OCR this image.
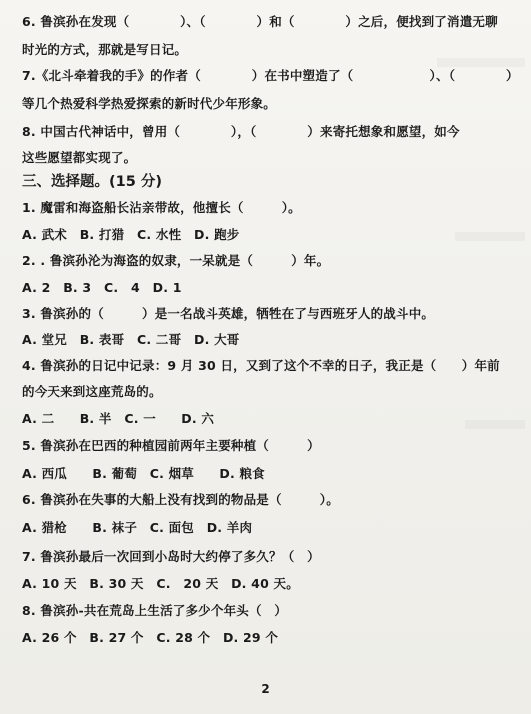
6. 鲁滨孙在发现（　　　　）、（　　　　）和（　　　　）之后，便找到了消遣无聊
时光的方式，那就是写日记。
7.《北斗牵着我的手》的作者（　　　　）在书中塑造了（　　　　　　）、（　　　　）
等几个热爱科学热爱探索的新时代少年形象。
8. 中国古代神话中，曾用（　　　　），（　　　　）来寄托想象和愿望，如今
这些愿望都实现了。
三、选择题。(15 分)
1. 魔雷和海盗船长沾亲带故，他擅长（　　　）。
A. 武术　B. 打猎　C. 水性　D. 跑步
2. . 鲁滨孙沦为海盗的奴隶，一呆就是（　　　）年。
A. 2　B. 3　C.　4　D. 1
3. 鲁滨孙的（　　　）是一名战斗英雄，牺牲在了与西班牙人的战斗中。
A. 堂兄　B. 表哥　C. 二哥　D. 大哥
4. 鲁滨孙的日记中记录：9 月 30 日，又到了这个不幸的日子，我正是（　　）年前
的今天来到这座荒岛的。
A. 二　　B. 半　C. 一　　D. 六
5. 鲁滨孙在巴西的种植园前两年主要种植（　　　）
A. 西瓜　　B. 葡萄　C. 烟草　　D. 粮食
6. 鲁滨孙在失事的大船上没有找到的物品是（　　　）。
A. 猎枪　　B. 袜子　C. 面包　D. 羊肉
7. 鲁滨孙最后一次回到小岛时大约停了多久？（　）
A. 10 天　B. 30 天　C.　20 天　D. 40 天。
8. 鲁滨孙-共在荒岛上生活了多少个年头（　）
A. 26 个　B. 27 个　C. 28 个　D. 29 个
2
